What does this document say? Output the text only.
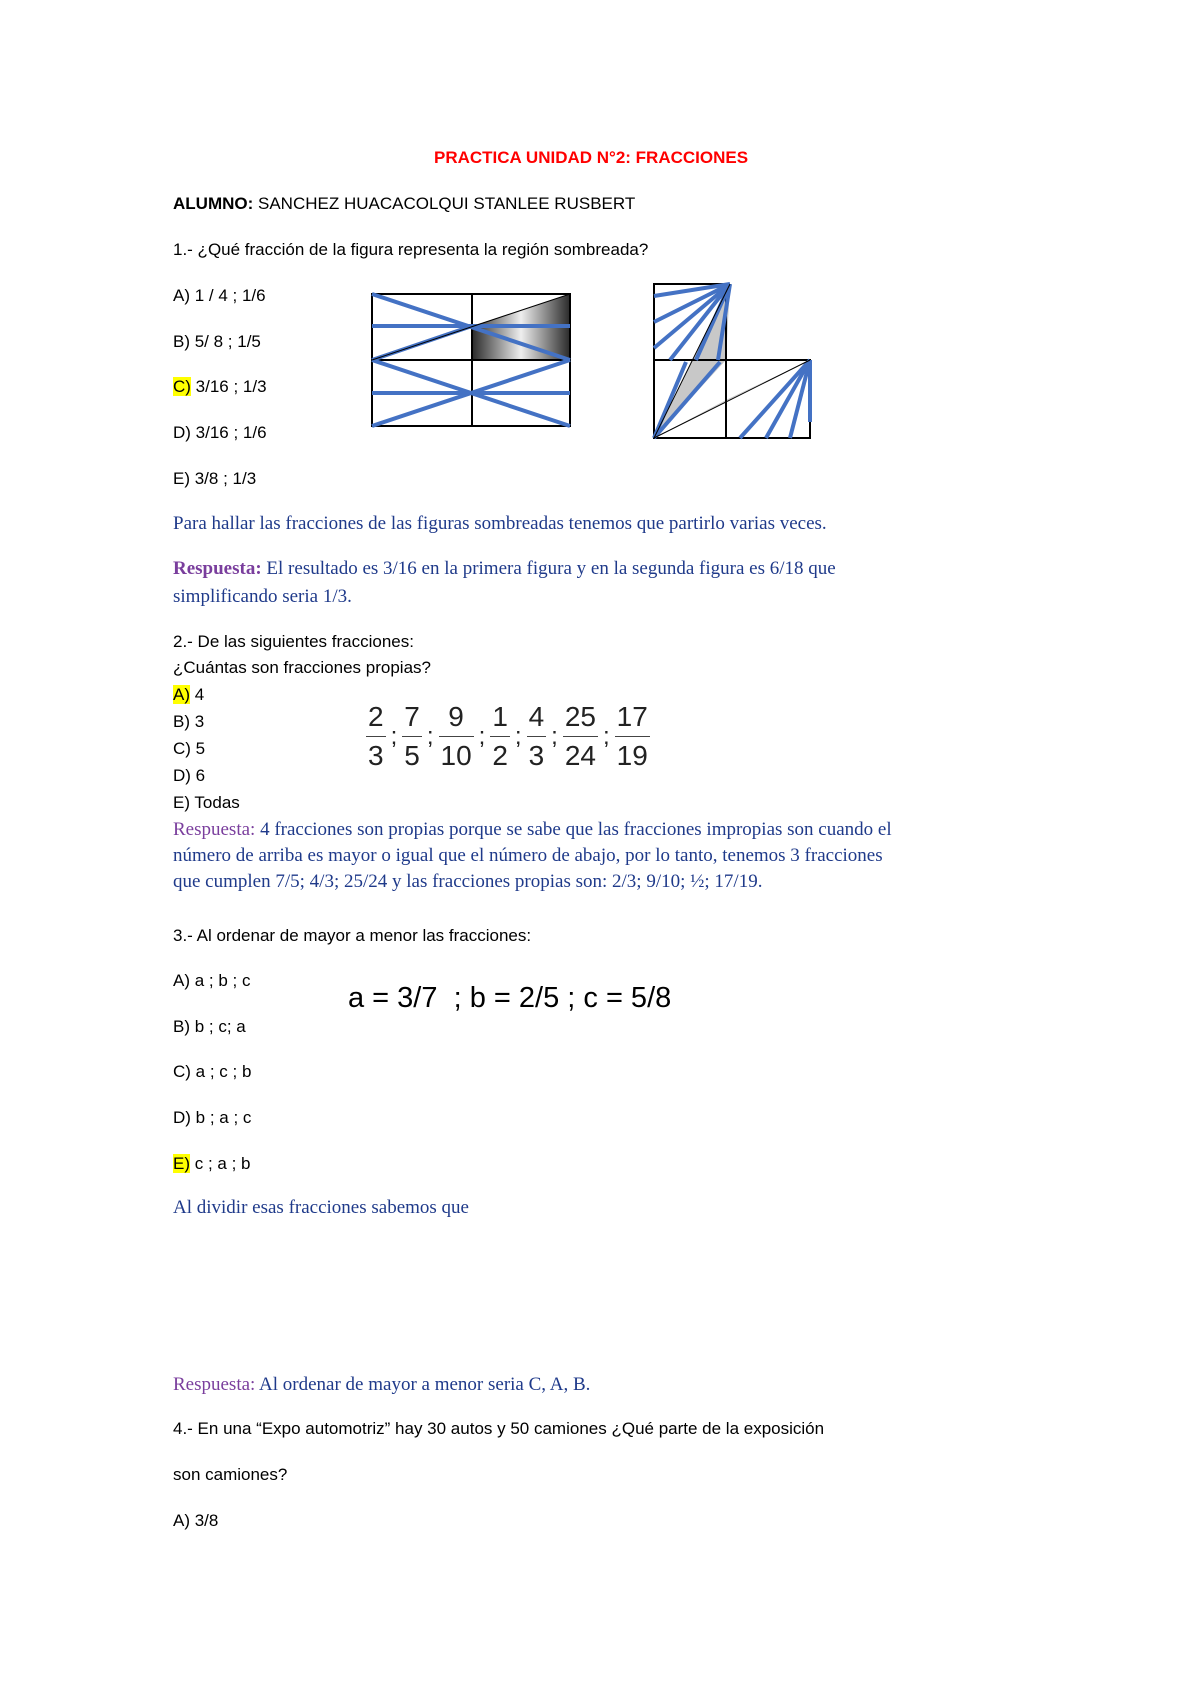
PRACTICA UNIDAD N°2: FRACCIONES
ALUMNO: SANCHEZ HUACACOLQUI STANLEE RUSBERT
1.- ¿Qué fracción de la figura representa la región sombreada?
A) 1 / 4 ; 1/6
B) 5/ 8 ; 1/5
C) 3/16 ; 1/3
D) 3/16 ; 1/6
E) 3/8 ; 1/3
Para hallar las fracciones de las figuras sombreadas tenemos que partirlo varias veces.
Respuesta: El resultado es 3/16 en la primera figura y en la segunda figura es 6/18 que
simplificando seria 1/3.
2.- De las siguientes fracciones:
¿Cuántas son fracciones propias?
A) 4
B) 3
C) 5
D) 6
E) Todas
$\frac{2}{3}$ ; $\frac{7}{5}$ ; $\frac{9}{10}$ ; $\frac{1}{2}$ ; $\frac{4}{3}$ ; $\frac{25}{24}$ ; $\frac{17}{19}$
Respuesta: 4 fracciones son propias porque se sabe que las fracciones impropias son cuando el
número de arriba es mayor o igual que el número de abajo, por lo tanto, tenemos 3 fracciones
que cumplen 7/5; 4/3; 25/24 y las fracciones propias son: 2/3; 9/10; ½; 17/19.
3.- Al ordenar de mayor a menor las fracciones:
a = 3/7  ; b = 2/5 ; c = 5/8
A) a ; b ; c
B) b ; c; a
C) a ; c ; b
D) b ; a ; c
E) c ; a ; b
Al dividir esas fracciones sabemos que
Respuesta: Al ordenar de mayor a menor seria C, A, B.
4.- En una “Expo automotriz” hay 30 autos y 50 camiones ¿Qué parte de la exposición
son camiones?
A) 3/8
